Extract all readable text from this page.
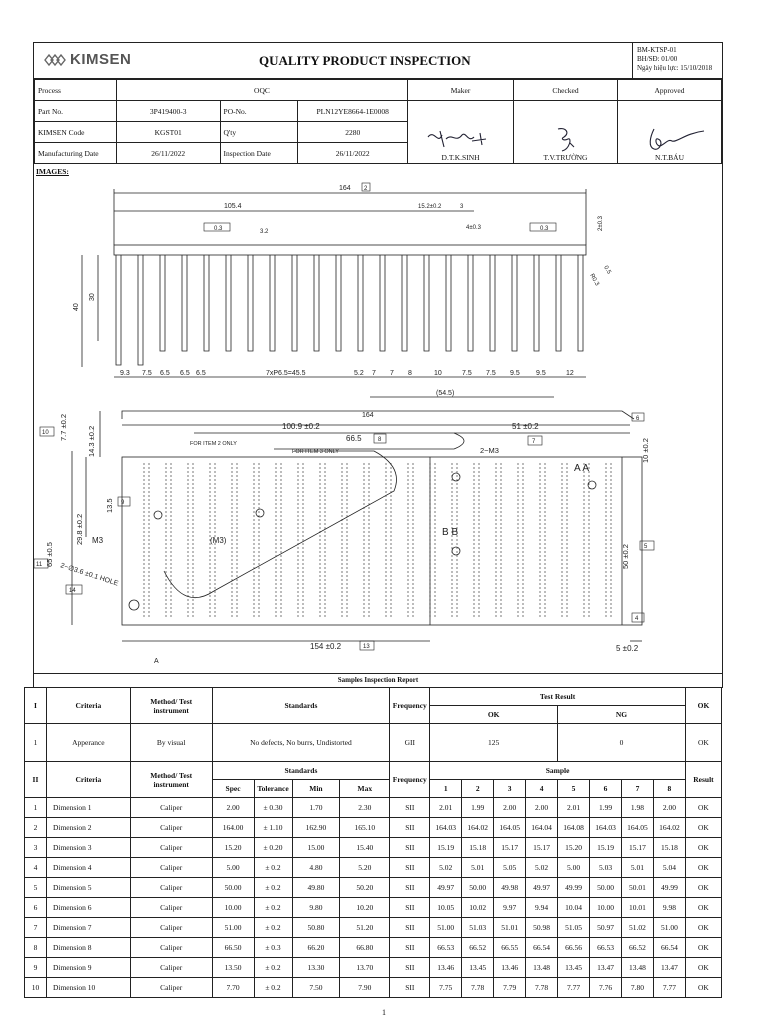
KIMSEN	QUALITY PRODUCT INSPECTION
BM-KTSP-01
BH/SĐ: 01/00
Ngày hiệu lực: 15/10/2018
Process	OQC			Maker	Checked	Approved
Part No.	3P419400-3	PO-No.	PLN12YE8664-1E0008	D.T.K.SINH	T.V.TRƯỜNG	N.T.BÁU
KIMSEN Code	KGST01	Q'ty	2280			
Manufacturing Date	26/11/2022	Inspection Date	26/11/2022			
IMAGES:
164 2
105.4	15.2±0.2	3
0.3	3.2
4±0.3	0.3	2±0.3
40
30
R0.3
0.5
9.3 7.5 6.5 6.5 6.5	7xP6.5=45.5	5.2 7 7 8	10	7.5 7.5 9.5 9.5	12
(54.5)
164
100.9 ±0.2	51 ±0.2
6
66.5	8	7
10 7.7 ±0.2	14.3 ±0.2	10 ±0.2
FOR ITEM 2 ONLY
FOR ITEM 3 ONLY	2−M3
A A
B B
13.5 9
29.8 ±0.2
65 ±0.5
M3	(M3)
11 2−∅3.6 ±0.1 HOLE
14
50 ±0.2 5
4
154 ±0.2	13	5 ±0.2
A
Samples Inspection Report
I	Criteria	Method/ Test instrument	Standards				Frequency	Test Result								OK
								OK				NG				
1	Apperance	By visual	No defects, No burrs, Undistorted				GII	125				0				OK
II	Criteria	Method/ Test instrument	Standards				Frequency	Sample								Result
			Spec	Tolerance	Min	Max		1	2	3	4	5	6	7	8	
1	Dimension 1	Caliper	2.00	± 0.30	1.70	2.30	SII	2.01	1.99	2.00	2.00	2.01	1.99	1.98	2.00	OK
2	Dimension 2	Caliper	164.00	± 1.10	162.90	165.10	SII	164.03	164.02	164.05	164.04	164.08	164.03	164.05	164.02	OK
3	Dimension 3	Caliper	15.20	± 0.20	15.00	15.40	SII	15.19	15.18	15.17	15.17	15.20	15.19	15.17	15.18	OK
4	Dimension 4	Caliper	5.00	± 0.2	4.80	5.20	SII	5.02	5.01	5.05	5.02	5.00	5.03	5.01	5.04	OK
5	Dimension 5	Caliper	50.00	± 0.2	49.80	50.20	SII	49.97	50.00	49.98	49.97	49.99	50.00	50.01	49.99	OK
6	Dimension 6	Caliper	10.00	± 0.2	9.80	10.20	SII	10.05	10.02	9.97	9.94	10.04	10.00	10.01	9.98	OK
7	Dimension 7	Caliper	51.00	± 0.2	50.80	51.20	SII	51.00	51.03	51.01	50.98	51.05	50.97	51.02	51.00	OK
8	Dimension 8	Caliper	66.50	± 0.3	66.20	66.80	SII	66.53	66.52	66.55	66.54	66.56	66.53	66.52	66.54	OK
9	Dimension 9	Caliper	13.50	± 0.2	13.30	13.70	SII	13.46	13.45	13.46	13.48	13.45	13.47	13.48	13.47	OK
10	Dimension 10	Caliper	7.70	± 0.2	7.50	7.90	SII	7.75	7.78	7.79	7.78	7.77	7.76	7.80	7.77	OK
1
